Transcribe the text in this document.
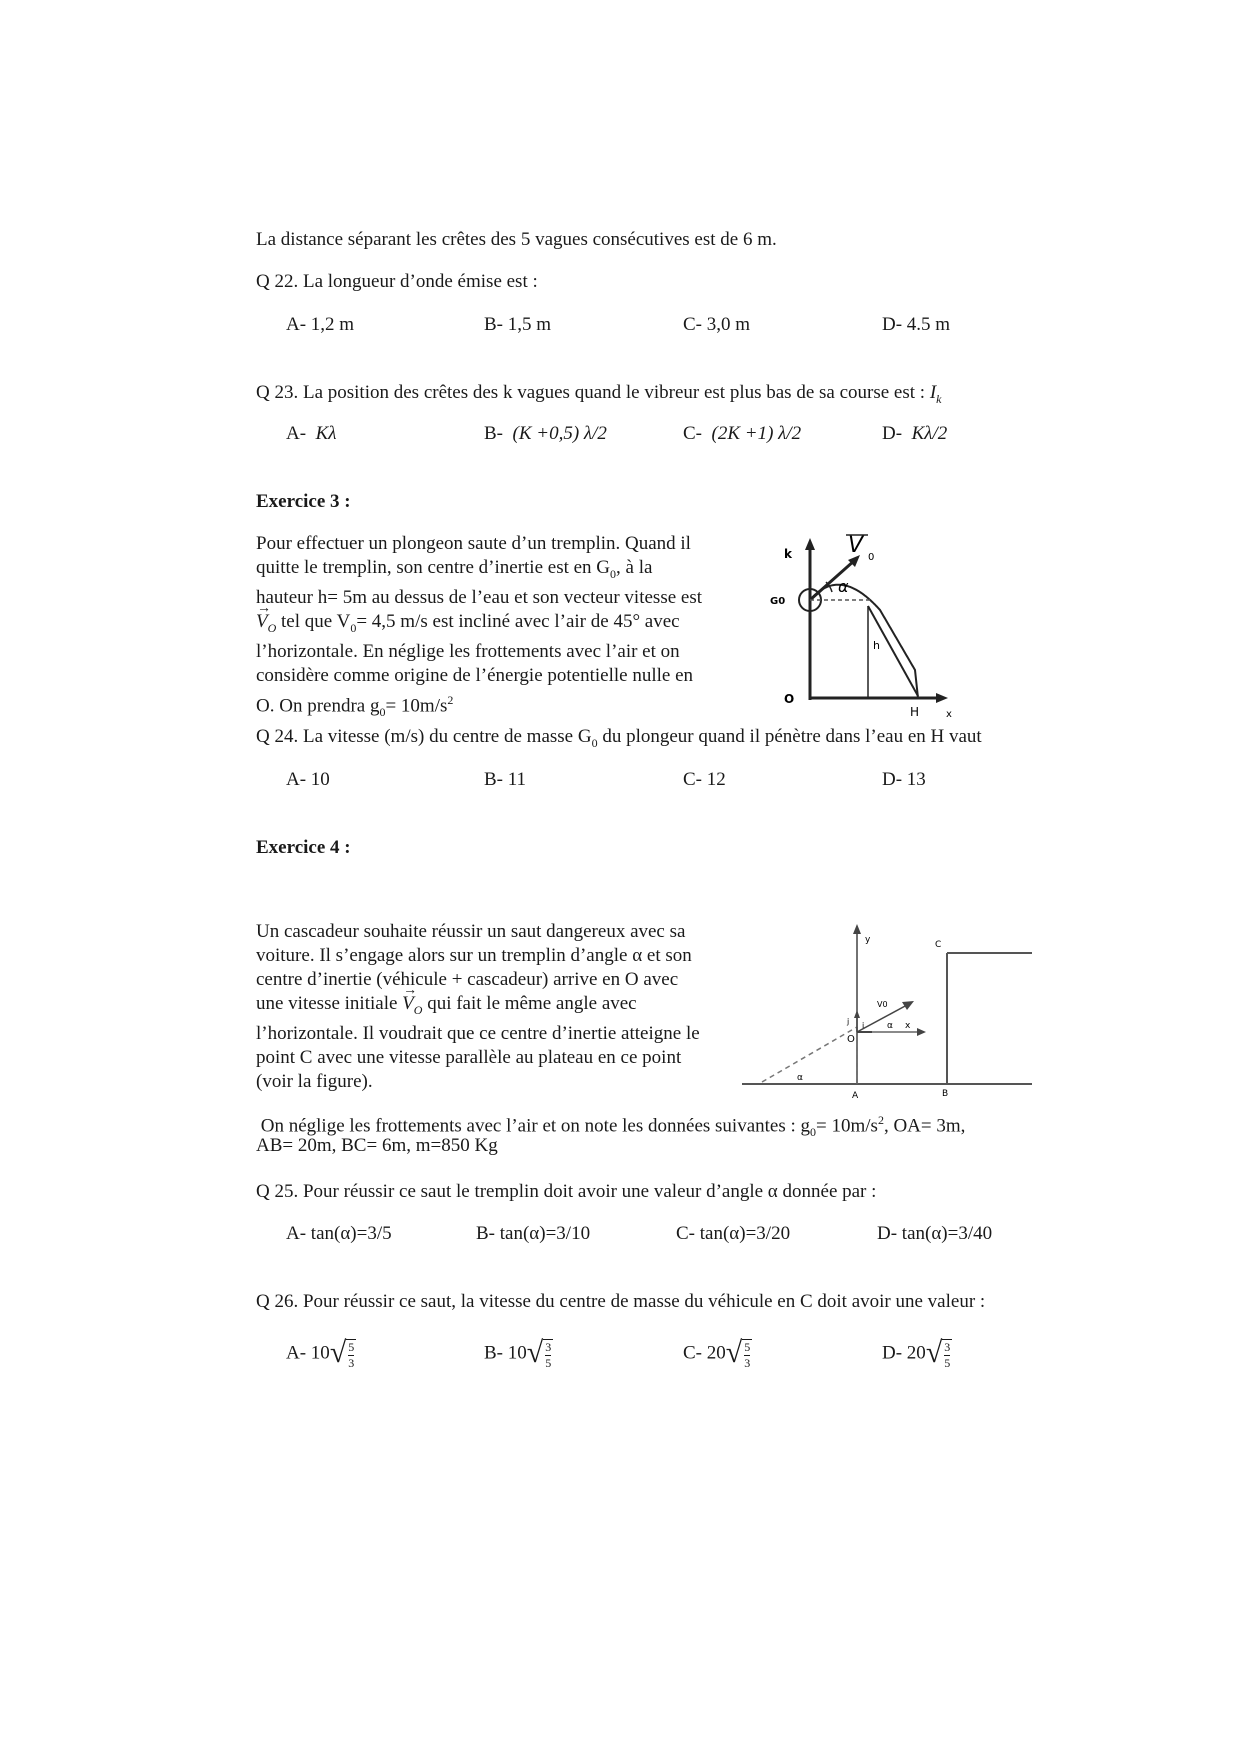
La distance séparant les crêtes des 5 vagues consécutives est de 6 m.
Q 22. La longueur d’onde émise est :
A- 1,2 m	B- 1,5 m	C- 3,0 m	D- 4.5 m
Q 23. La position des crêtes des k vagues quand le vibreur est plus bas de sa course est : $I_k$
A-  Kλ	B-  (K +0,5) λ/2	C-  (2K +1) λ/2	D-  Kλ/2
Exercice 3 :
Pour effectuer un plongeon saute d’un tremplin. Quand il
quitte le tremplin, son centre d’inertie est en $G_0$, à la
hauteur h= 5m au dessus de l’eau et son vecteur vitesse est
→ $V_O$ tel que $V_0= 4,5$ m/s est incliné avec l’air de 45° avec
l’horizontale. En néglige les frottements avec l’air et on
considère comme origine de l’énergie potentielle nulle en
O. On prendra $g_0= 10m/s^2$
k	V 0
α
G0
h
O
H	x
Q 24. La vitesse (m/s) du centre de masse $G_0$ du plongeur quand il pénètre dans l’eau en H vaut
A- 10	B- 11	C- 12	D- 13
Exercice 4 :
Un cascadeur souhaite réussir un saut dangereux avec sa
voiture. Il s’engage alors sur un tremplin d’angle α et son
centre d’inertie (véhicule + cascadeur) arrive en O avec
une vitesse initiale → $V_O$ qui fait le même angle avec
l’horizontale. Il voudrait que ce centre d’inertie atteigne le
point C avec une vitesse parallèle au plateau en ce point
(voir la figure).
y	C
V0
j i	α x
O
α
A	B
On néglige les frottements avec l’air et on note les données suivantes : $g_0= 10m/s^2$, OA= 3m,
AB= 20m, BC= 6m, m=850 Kg
Q 25. Pour réussir ce saut le tremplin doit avoir une valeur d’angle α donnée par :
A- tan(α)=3/5	B- tan(α)=3/10	C- tan(α)=3/20	D- tan(α)=3/40
Q 26. Pour réussir ce saut, la vitesse du centre de masse du véhicule en C doit avoir une valeur :
A- 10 √ $\frac{5}{3}$	B- 10 √ $\frac{3}{5}$	C- 20 √ $\frac{5}{3}$	D- 20 √ $\frac{3}{5}$
